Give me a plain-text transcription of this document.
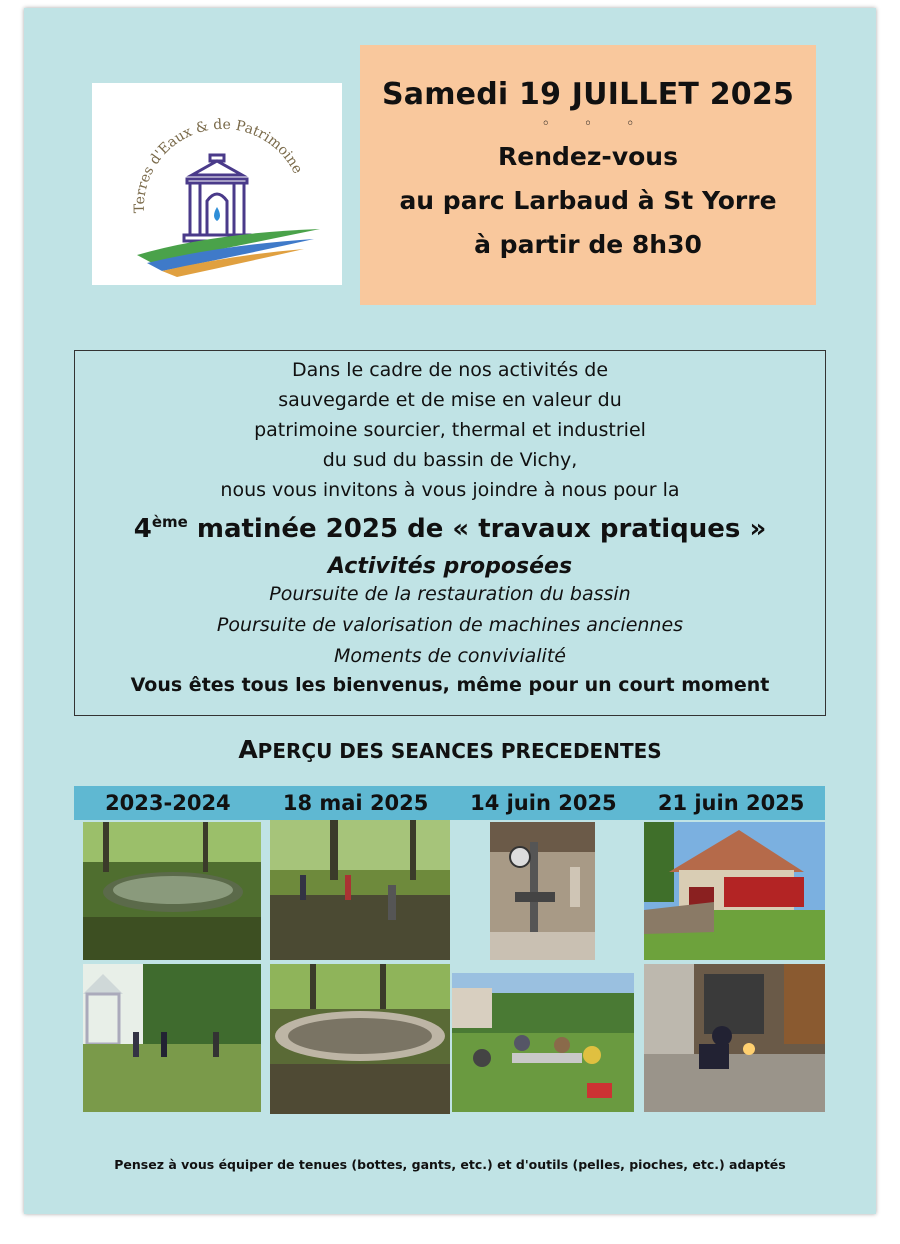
Terres d'Eaux & de Patrimoine
Samedi 19 JUILLET 2025
◦◦◦
Rendez-vous
au parc Larbaud à St Yorre
à partir de 8h30
Dans le cadre de nos activités de
sauvegarde et de mise en valeur du
patrimoine sourcier, thermal et industriel
du sud du bassin de Vichy,
nous vous invitons à vous joindre à nous pour la
4ème matinée 2025 de « travaux pratiques »
Activités proposées
Poursuite de la restauration du bassin
Poursuite de valorisation de machines anciennes
Moments de convivialité
Vous êtes tous les bienvenus, même pour un court moment
APERÇU DES SEANCES PRECEDENTES
2023-2024	18 mai 2025	14 juin 2025	21 juin 2025
Pensez à vous équiper de tenues (bottes, gants, etc.) et d'outils (pelles, pioches, etc.) adaptés
